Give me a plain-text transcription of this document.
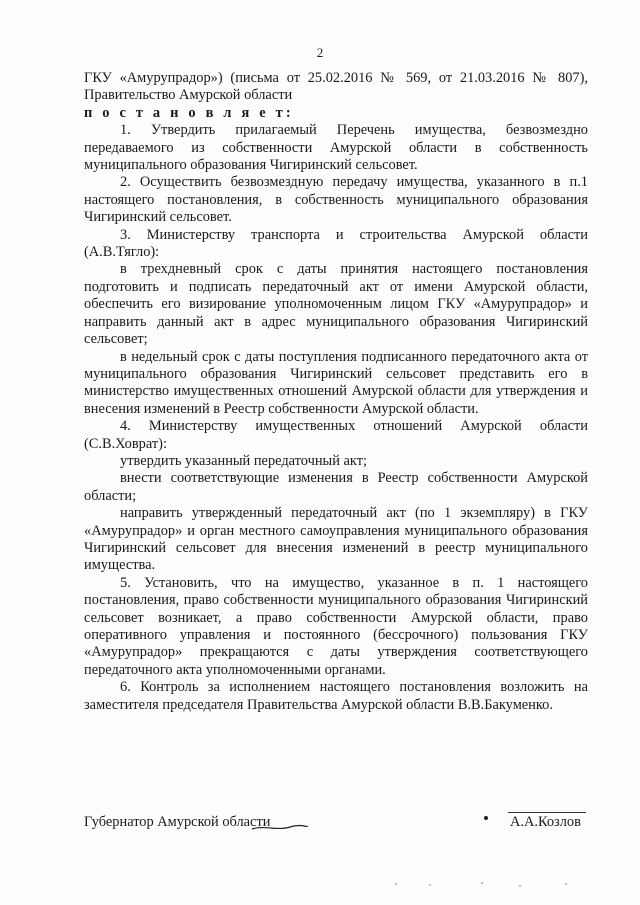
2

ГКУ «Амурупрадор») (письма от 25.02.2016 № 569, от 21.03.2016 № 807), Правительство Амурской области

п о с т а н о в л я е т:

1. Утвердить прилагаемый Перечень имущества, безвозмездно передаваемого из собственности Амурской области в собственность муниципального образования Чигиринский сельсовет.

2. Осуществить безвозмездную передачу имущества, указанного в п.1 настоящего постановления, в собственность муниципального образования Чигиринский сельсовет.

3. Министерству транспорта и строительства Амурской области (А.В.Тягло):

в трехдневный срок с даты принятия настоящего постановления подготовить и подписать передаточный акт от имени Амурской области, обеспечить его визирование уполномоченным лицом ГКУ «Амурупрадор» и направить данный акт в адрес муниципального образования Чигиринский сельсовет;

в недельный срок с даты поступления подписанного передаточного акта от муниципального образования Чигиринский сельсовет представить его в министерство имущественных отношений Амурской области для утверждения и внесения изменений в Реестр собственности Амурской области.

4. Министерству имущественных отношений Амурской области (С.В.Ховрат):

утвердить указанный передаточный акт;

внести соответствующие изменения в Реестр собственности Амурской области;

направить утвержденный передаточный акт (по 1 экземпляру) в ГКУ «Амурупрадор» и орган местного самоуправления муниципального образования Чигиринский сельсовет для внесения изменений в реестр муниципального имущества.

5. Установить, что на имущество, указанное в п. 1 настоящего постановления, право собственности муниципального образования Чигиринский сельсовет возникает, а право собственности Амурской области, право оперативного управления и постоянного (бессрочного) пользования ГКУ «Амурупрадор» прекращаются с даты утверждения соответствующего передаточного акта уполномоченными органами.

6. Контроль за исполнением настоящего постановления возложить на заместителя председателя Правительства Амурской области В.В.Бакуменко.

Губернатор Амурской области	А.А.Козлов
